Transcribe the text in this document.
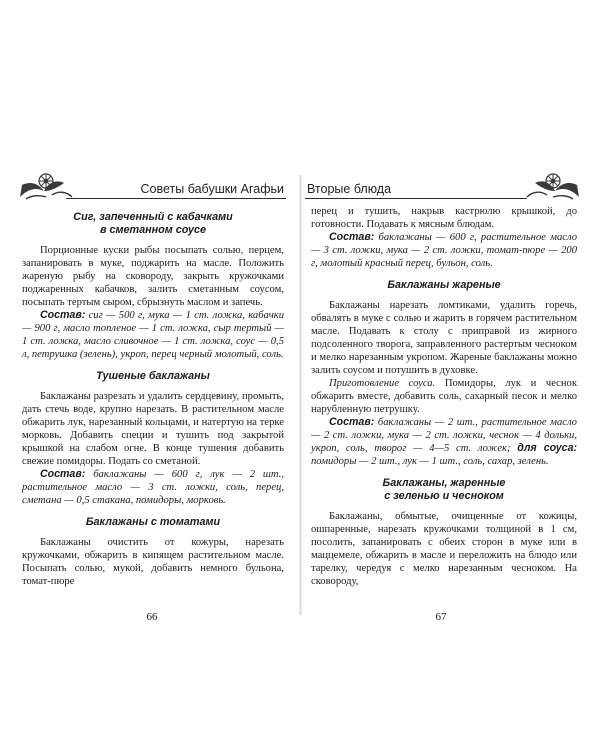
Советы бабушки Агафьи
Сиг, запеченный с кабачками
в сметанном соусе

Порционные куски рыбы посыпать солью, перцем, запанировать в муке, поджарить на масле. Положить жареную рыбу на сковороду, закрыть кружочками поджаренных кабачков, залить сметанным соусом, посыпать тертым сыром, сбрызнуть маслом и запечь.

Состав: сиг — 500 г, мука — 1 ст. ложка, кабачки — 900 г, масло топленое — 1 ст. ложка, сыр тертый — 1 ст. ложка, масло сливочное — 1 ст. ложка, соус — 0,5 л, петрушка (зелень), укроп, перец черный молотый, соль.

Тушеные баклажаны

Баклажаны разрезать и удалить сердцевину, промыть, дать стечь воде, крупно нарезать. В растительном масле обжарить лук, нарезанный кольцами, и натертую на терке морковь. Добавить специи и тушить под закрытой крышкой на слабом огне. В конце тушения добавить свежие помидоры. Подать со сметаной.

Состав: баклажаны — 600 г, лук — 2 шт., растительное масло — 3 ст. ложки, соль, перец, сметана — 0,5 стакана, помидоры, морковь.

Баклажаны с томатами

Баклажаны очистить от кожуры, нарезать кружочками, обжарить в кипящем растительном масле. Посыпать солью, мукой, добавить немного бульона, томат-пюре

66
Вторые блюда

перец и тушить, накрыв кастрюлю крышкой, до готовности. Подавать к мясным блюдам.

Состав: баклажаны — 600 г, растительное масло — 3 ст. ложки, мука — 2 ст. ложки, томат-пюре — 200 г, молотый красный перец, бульон, соль.

Баклажаны жареные

Баклажаны нарезать ломтиками, удалить горечь, обвалять в муке с солью и жарить в горячем растительном масле. Подавать к столу с приправой из жирного подсоленного творога, заправленного растертым чесноком и мелко нарезанным укропом. Жареные баклажаны можно залить соусом и потушить в духовке.

Приготовление соуса. Помидоры, лук и чеснок обжарить вместе, добавить соль, сахарный песок и мелко нарубленную петрушку.

Состав: баклажаны — 2 шт., растительное масло — 2 ст. ложки, мука — 2 ст. ложки, чеснок — 4 дольки, укроп, соль, творог — 4—5 ст. ложек; для соуса: помидоры — 2 шт., лук — 1 шт., соль, сахар, зелень.

Баклажаны, жаренные
с зеленью и чесноком

Баклажаны, обмытые, очищенные от кожицы, ошпаренные, нарезать кружочками толщиной в 1 см, посолить, запанировать с обеих сторон в муке или в маццемеле, обжарить в масле и переложить на блюдо или тарелку, чередуя с мелко нарезанным чесноком. На сковороду,

67
